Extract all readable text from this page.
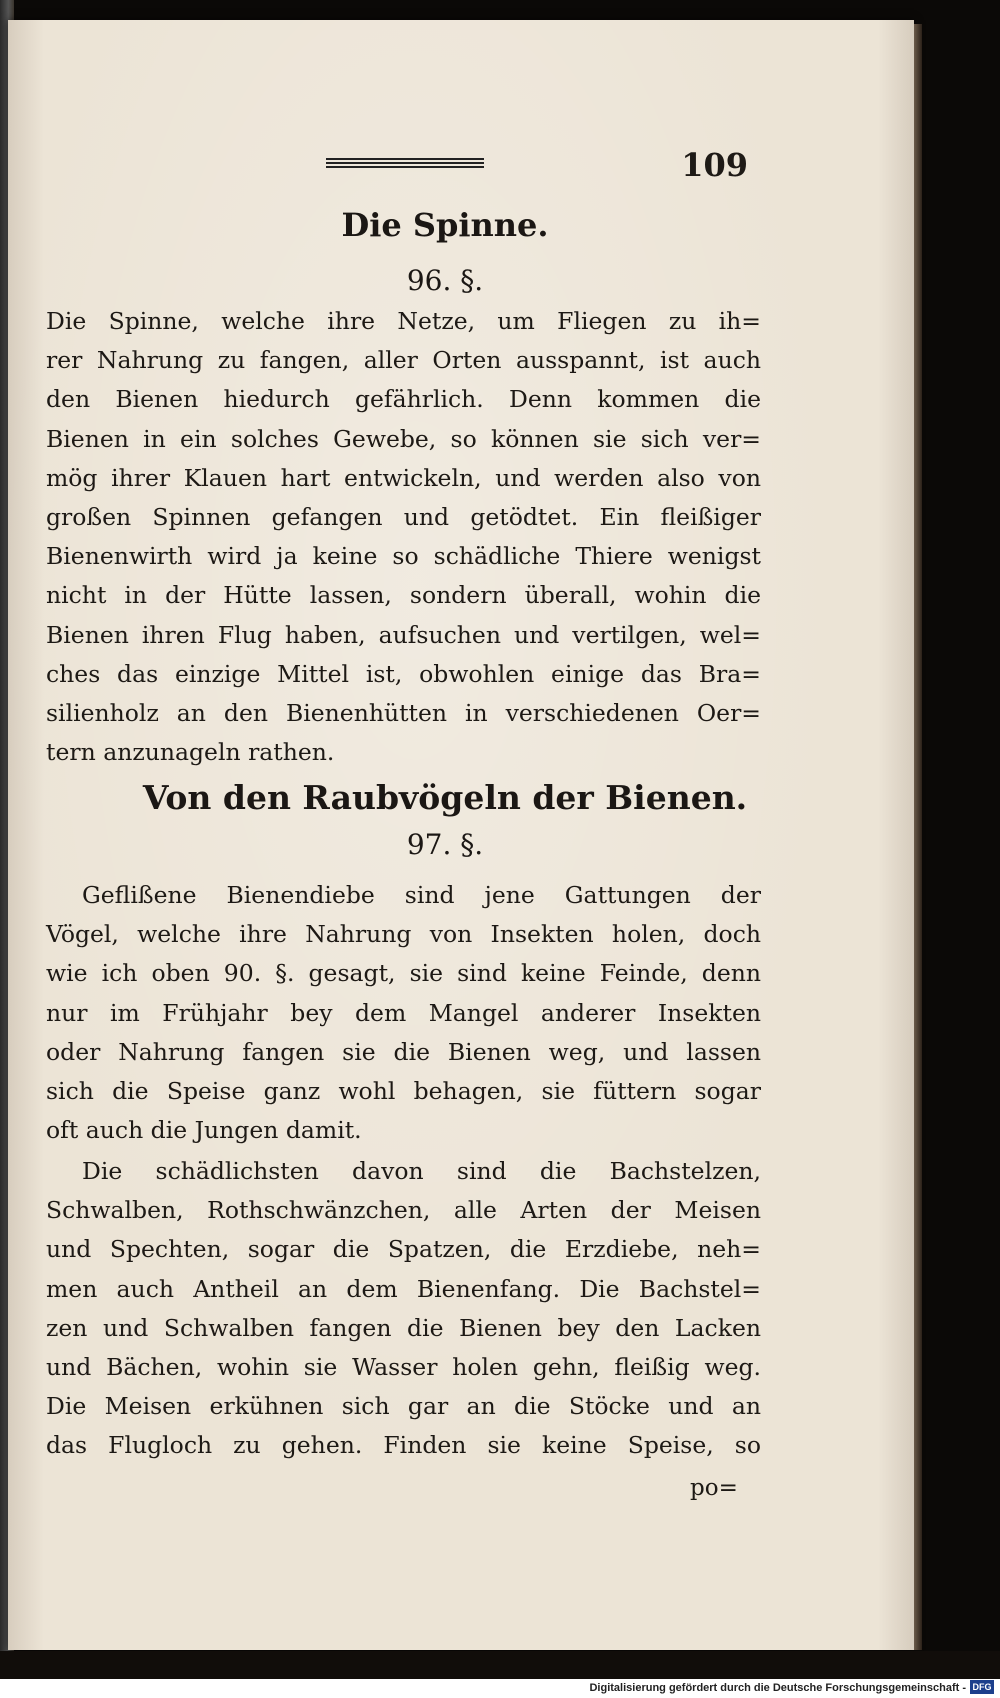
109
Die Spinne.
96. §.
Die Spinne, welche ihre Netze, um Fliegen zu ih=
rer Nahrung zu fangen, aller Orten ausspannt, ist auch
den Bienen hiedurch gefährlich. Denn kommen die
Bienen in ein solches Gewebe, so können sie sich ver=
mög ihrer Klauen hart entwickeln, und werden also von
großen Spinnen gefangen und getödtet. Ein fleißiger
Bienenwirth wird ja keine so schädliche Thiere wenigst
nicht in der Hütte lassen, sondern überall, wohin die
Bienen ihren Flug haben, aufsuchen und vertilgen, wel=
ches das einzige Mittel ist, obwohlen einige das Bra=
silienholz an den Bienenhütten in verschiedenen Oer=
tern anzunageln rathen.
Von den Raubvögeln der Bienen.
97. §.
Geflißene Bienendiebe sind jene Gattungen der
Vögel, welche ihre Nahrung von Insekten holen, doch
wie ich oben 90. §. gesagt, sie sind keine Feinde, denn
nur im Frühjahr bey dem Mangel anderer Insekten
oder Nahrung fangen sie die Bienen weg, und lassen
sich die Speise ganz wohl behagen, sie füttern sogar
oft auch die Jungen damit.
Die schädlichsten davon sind die Bachstelzen,
Schwalben, Rothschwänzchen, alle Arten der Meisen
und Spechten, sogar die Spatzen, die Erzdiebe, neh=
men auch Antheil an dem Bienenfang. Die Bachstel=
zen und Schwalben fangen die Bienen bey den Lacken
und Bächen, wohin sie Wasser holen gehn, fleißig weg.
Die Meisen erkühnen sich gar an die Stöcke und an
das Flugloch zu gehen. Finden sie keine Speise, so
po=
Digitalisierung gefördert durch die Deutsche Forschungsgemeinschaft - DFG
